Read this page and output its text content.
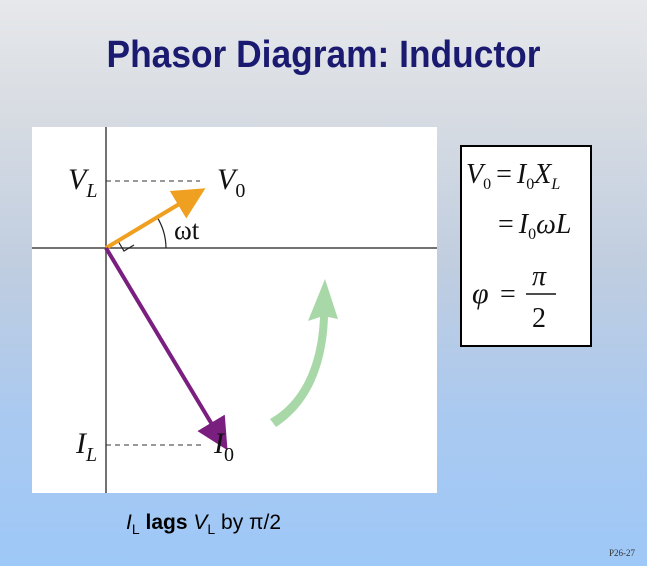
Phasor Diagram: Inductor
$V_L$	$V_0$
ωt
$I_L$	$I_0$
$V_0 = I_0X_L$
= $I_0\omega L$
φ =
π
2
$I_L$ lags $V_L$ by π/2
P26-27
